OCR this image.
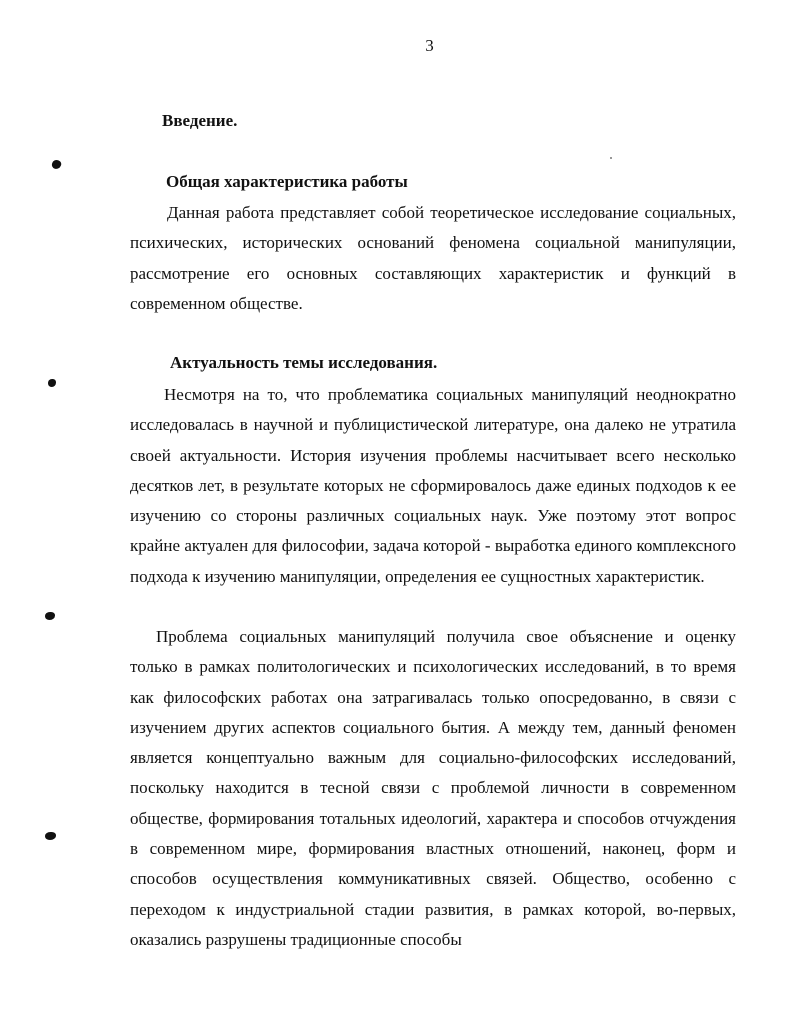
3
Введение.
Общая характеристика работы

Данная работа представляет собой теоретическое исследование социальных, психических, исторических оснований феномена социальной манипуляции, рассмотрение его основных составляющих характеристик и функций в современном обществе.

Актуальность темы исследования.

Несмотря на то, что проблематика социальных манипуляций неоднократно исследовалась в научной и публицистической литературе, она далеко не утратила своей актуальности. История изучения проблемы насчитывает всего несколько десятков лет, в результате которых не сформировалось даже единых подходов к ее изучению со стороны различных социальных наук. Уже поэтому этот вопрос крайне актуален для философии, задача которой - выработка единого комплексного подхода к изучению манипуляции, определения ее сущностных характеристик.

Проблема социальных манипуляций получила свое объяснение и оценку только в рамках политологических и психологических исследований, в то время как философских работах она затрагивалась только опосредованно, в связи с изучением других аспектов социального бытия. А между тем, данный феномен является концептуально важным для социально-философских исследований, поскольку находится в тесной связи с проблемой личности в современном обществе, формирования тотальных идеологий, характера и способов отчуждения в современном мире, формирования властных отношений, наконец, форм и способов осуществления коммуникативных связей. Общество, особенно с переходом к индустриальной стадии развития, в рамках которой, во-первых, оказались разрушены традиционные способы
